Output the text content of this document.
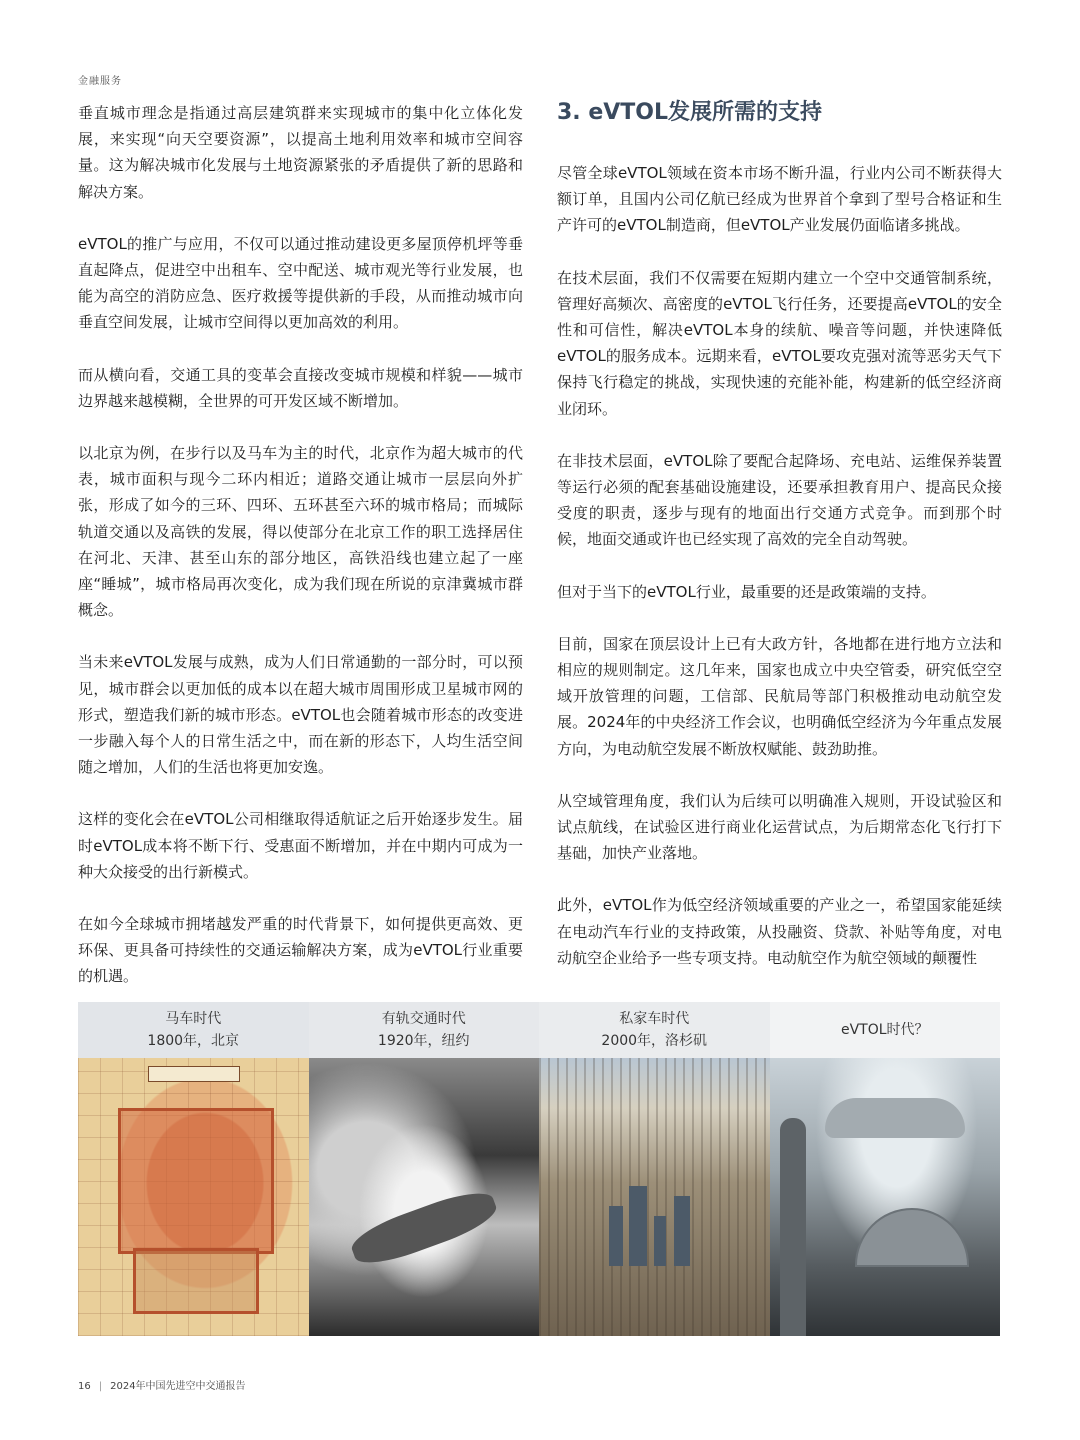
金融服务

垂直城市理念是指通过高层建筑群来实现城市的集中化立体化发展，来实现“向天空要资源”，以提高土地利用效率和城市空间容量。这为解决城市化发展与土地资源紧张的矛盾提供了新的思路和解决方案。

eVTOL的推广与应用，不仅可以通过推动建设更多屋顶停机坪等垂直起降点，促进空中出租车、空中配送、城市观光等行业发展，也能为高空的消防应急、医疗救援等提供新的手段，从而推动城市向垂直空间发展，让城市空间得以更加高效的利用。

而从横向看，交通工具的变革会直接改变城市规模和样貌——城市边界越来越模糊，全世界的可开发区域不断增加。

以北京为例，在步行以及马车为主的时代，北京作为超大城市的代表，城市面积与现今二环内相近；道路交通让城市一层层向外扩张，形成了如今的三环、四环、五环甚至六环的城市格局；而城际轨道交通以及高铁的发展，得以使部分在北京工作的职工选择居住在河北、天津、甚至山东的部分地区，高铁沿线也建立起了一座座“睡城”，城市格局再次变化，成为我们现在所说的京津冀城市群概念。

当未来eVTOL发展与成熟，成为人们日常通勤的一部分时，可以预见，城市群会以更加低的成本以在超大城市周围形成卫星城市网的形式，塑造我们新的城市形态。eVTOL也会随着城市形态的改变进一步融入每个人的日常生活之中，而在新的形态下，人均生活空间随之增加，人们的生活也将更加安逸。

这样的变化会在eVTOL公司相继取得适航证之后开始逐步发生。届时eVTOL成本将不断下行、受惠面不断增加，并在中期内可成为一种大众接受的出行新模式。

在如今全球城市拥堵越发严重的时代背景下，如何提供更高效、更环保、更具备可持续性的交通运输解决方案，成为eVTOL行业重要的机遇。

3. eVTOL发展所需的支持

尽管全球eVTOL领域在资本市场不断升温，行业内公司不断获得大额订单，且国内公司亿航已经成为世界首个拿到了型号合格证和生产许可的eVTOL制造商，但eVTOL产业发展仍面临诸多挑战。

在技术层面，我们不仅需要在短期内建立一个空中交通管制系统，管理好高频次、高密度的eVTOL飞行任务，还要提高eVTOL的安全性和可信性，解决eVTOL本身的续航、噪音等问题，并快速降低eVTOL的服务成本。远期来看，eVTOL要攻克强对流等恶劣天气下保持飞行稳定的挑战，实现快速的充能补能，构建新的低空经济商业闭环。

在非技术层面，eVTOL除了要配合起降场、充电站、运维保养装置等运行必须的配套基础设施建设，还要承担教育用户、提高民众接受度的职责，逐步与现有的地面出行交通方式竞争。而到那个时候，地面交通或许也已经实现了高效的完全自动驾驶。

但对于当下的eVTOL行业，最重要的还是政策端的支持。

目前，国家在顶层设计上已有大政方针，各地都在进行地方立法和相应的规则制定。这几年来，国家也成立中央空管委，研究低空空域开放管理的问题，工信部、民航局等部门积极推动电动航空发展。2024年的中央经济工作会议，也明确低空经济为今年重点发展方向，为电动航空发展不断放权赋能、鼓劲助推。

从空域管理角度，我们认为后续可以明确准入规则，开设试验区和试点航线，在试验区进行商业化运营试点，为后期常态化飞行打下基础，加快产业落地。

此外，eVTOL作为低空经济领域重要的产业之一，希望国家能延续在电动汽车行业的支持政策，从投融资、贷款、补贴等角度，对电动航空企业给予一些专项支持。电动航空作为航空领域的颠覆性

马车时代
1800年，北京
有轨交通时代
1920年，纽约
私家车时代
2000年，洛杉矶
eVTOL时代？
16 | 2024年中国先进空中交通报告
